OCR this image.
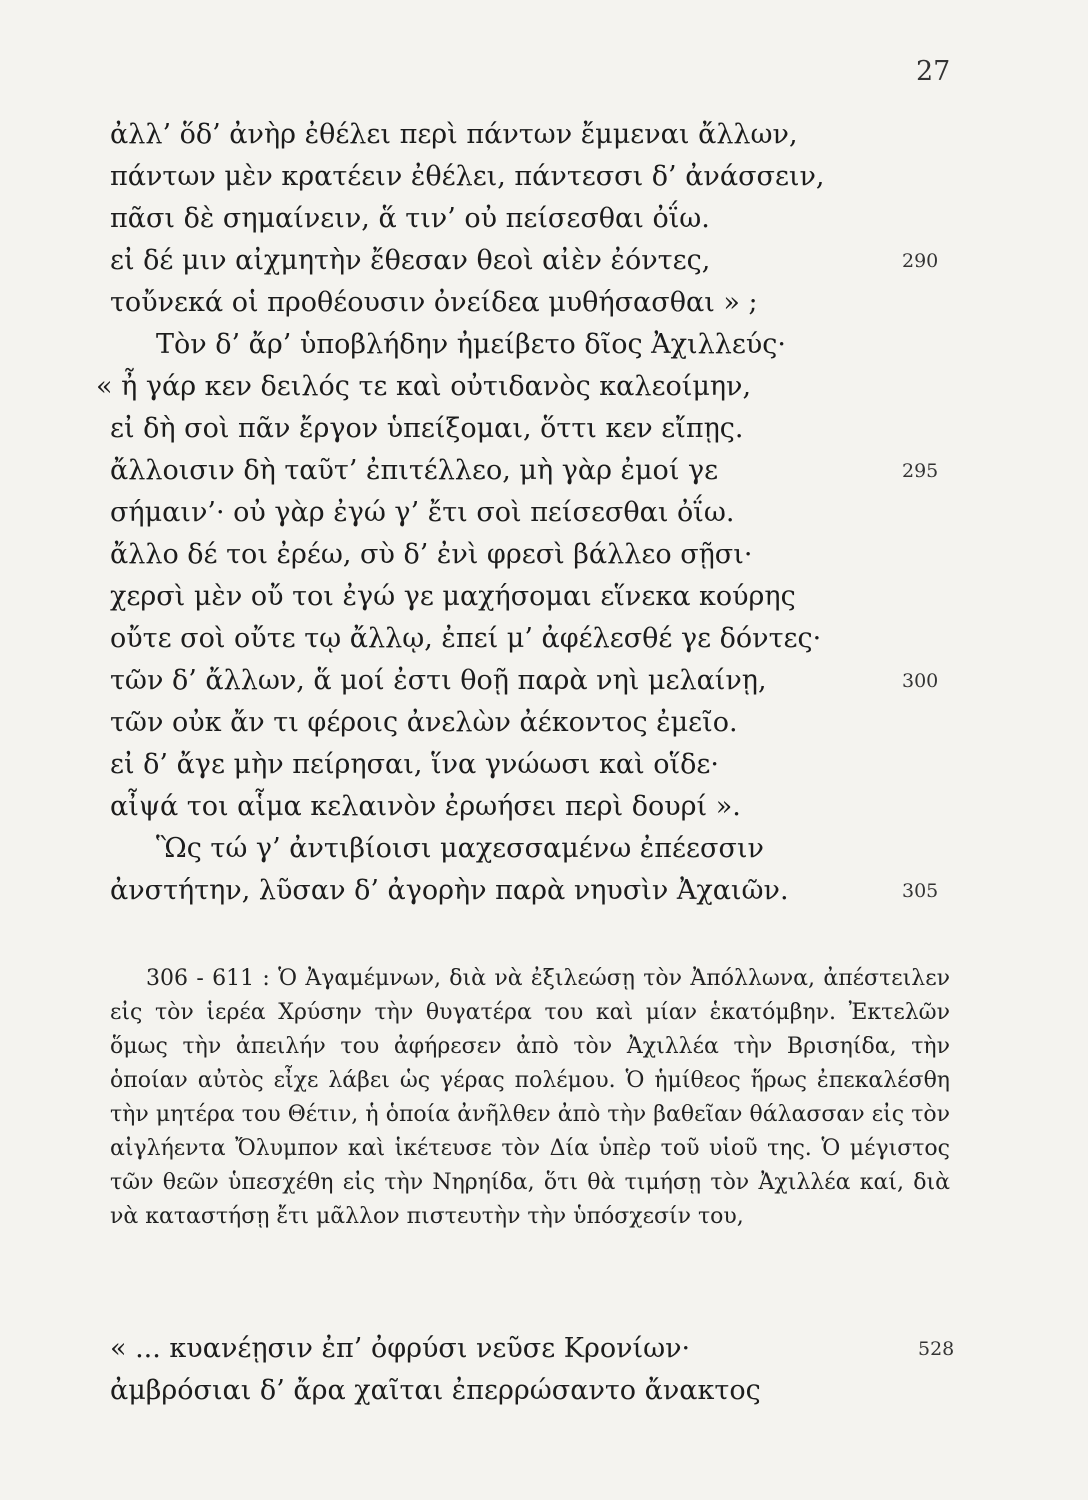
27
ἀλλ’ ὅδ’ ἀνὴρ ἐθέλει περὶ πάντων ἔμμεναι ἄλλων,
πάντων μὲν κρατέειν ἐθέλει, πάντεσσι δ’ ἀνάσσειν,
πᾶσι δὲ σημαίνειν, ἅ τιν’ οὐ πείσεσθαι ὀΐω.
εἰ δέ μιν αἰχμητὴν ἔθεσαν θεοὶ αἰὲν ἐόντες,	290
τοὔνεκά οἱ προθέουσιν ὀνείδεα μυθήσασθαι » ;
Τὸν δ’ ἄρ’ ὑποβλήδην ἠμείβετο δῖος Ἀχιλλεύς·
« ἦ γάρ κεν δειλός τε καὶ οὐτιδανὸς καλεοίμην,
εἰ δὴ σοὶ πᾶν ἔργον ὑπείξομαι, ὅττι κεν εἴπῃς.
ἄλλοισιν δὴ ταῦτ’ ἐπιτέλλεο, μὴ γὰρ ἐμοί γε	295
σήμαιν’· οὐ γὰρ ἐγώ γ’ ἔτι σοὶ πείσεσθαι ὀΐω.
ἄλλο δέ τοι ἐρέω, σὺ δ’ ἐνὶ φρεσὶ βάλλεο σῇσι·
χερσὶ μὲν οὔ τοι ἐγώ γε μαχήσομαι εἵνεκα κούρης
οὔτε σοὶ οὔτε τῳ ἄλλῳ, ἐπεί μ’ ἀφέλεσθέ γε δόντες·
τῶν δ’ ἄλλων, ἅ μοί ἐστι θοῇ παρὰ νηὶ μελαίνῃ,	300
τῶν οὐκ ἄν τι φέροις ἀνελὼν ἀέκοντος ἐμεῖο.
εἰ δ’ ἄγε μὴν πείρησαι, ἵνα γνώωσι καὶ οἵδε·
αἶψά τοι αἷμα κελαινὸν ἐρωήσει περὶ δουρί ».
Ὣς τώ γ’ ἀντιβίοισι μαχεσσαμένω ἐπέεσσιν
ἀνστήτην, λῦσαν δ’ ἀγορὴν παρὰ νηυσὶν Ἀχαιῶν.	305
306 - 611 : Ὁ Ἀγαμέμνων, διὰ νὰ ἐξιλεώσῃ τὸν Ἀπόλλωνα, ἀπέστειλεν εἰς τὸν ἱερέα Χρύσην τὴν θυγατέρα του καὶ μίαν ἑκατόμβην. Ἐκτελῶν ὅμως τὴν ἀπειλήν του ἀφήρεσεν ἀπὸ τὸν Ἀχιλλέα τὴν Βρισηίδα, τὴν ὁποίαν αὐτὸς εἶχε λάβει ὡς γέρας πολέμου. Ὁ ἡμίθεος ἥρως ἐπεκαλέσθη τὴν μητέρα του Θέτιν, ἡ ὁποία ἀνῆλθεν ἀπὸ τὴν βαθεῖαν θάλασσαν εἰς τὸν αἰγλήεντα Ὄλυμπον καὶ ἱκέτευσε τὸν Δία ὑπὲρ τοῦ υἱοῦ της. Ὁ μέγιστος τῶν θεῶν ὑπεσχέθη εἰς τὴν Νηρηίδα, ὅτι θὰ τιμήσῃ τὸν Ἀχιλλέα καί, διὰ νὰ καταστήσῃ ἔτι μᾶλλον πιστευτὴν τὴν ὑπόσχεσίν του,
« ... κυανέῃσιν ἐπ’ ὀφρύσι νεῦσε Κρονίων·	528
ἀμβρόσιαι δ’ ἄρα χαῖται ἐπερρώσαντο ἄνακτος
